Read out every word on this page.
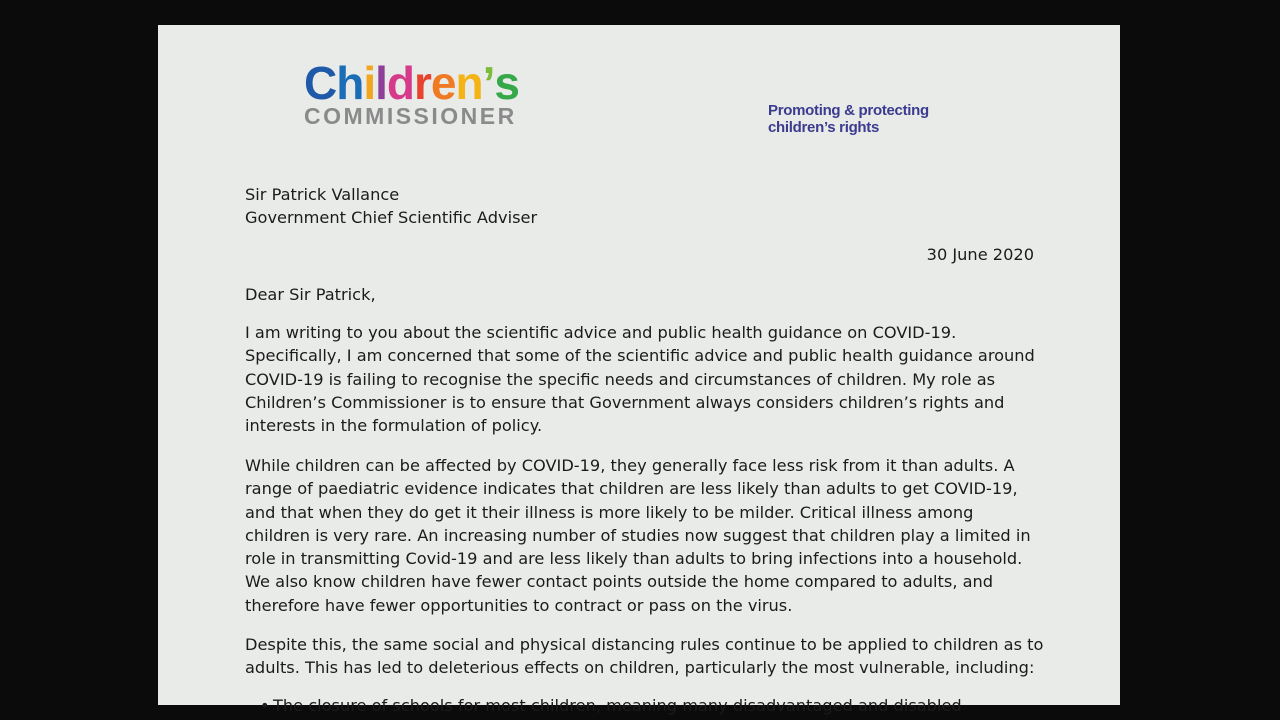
Children’s
COMMISSIONER	Promoting & protecting
children’s rights
Sir Patrick Vallance
Government Chief Scientific Adviser
30 June 2020
Dear Sir Patrick,
I am writing to you about the scientific advice and public health guidance on COVID-19. Specifically, I am concerned that some of the scientific advice and public health guidance around COVID-19 is failing to recognise the specific needs and circumstances of children. My role as Children’s Commissioner is to ensure that Government always considers children’s rights and interests in the formulation of policy.
While children can be affected by COVID-19, they generally face less risk from it than adults. A range of paediatric evidence indicates that children are less likely than adults to get COVID-19, and that when they do get it their illness is more likely to be milder. Critical illness among children is very rare. An increasing number of studies now suggest that children play a limited in role in transmitting Covid-19 and are less likely than adults to bring infections into a household. We also know children have fewer contact points outside the home compared to adults, and therefore have fewer opportunities to contract or pass on the virus.
Despite this, the same social and physical distancing rules continue to be applied to children as to adults. This has led to deleterious effects on children, particularly the most vulnerable, including:
• The closure of schools for most children, meaning many disadvantaged and disabled
